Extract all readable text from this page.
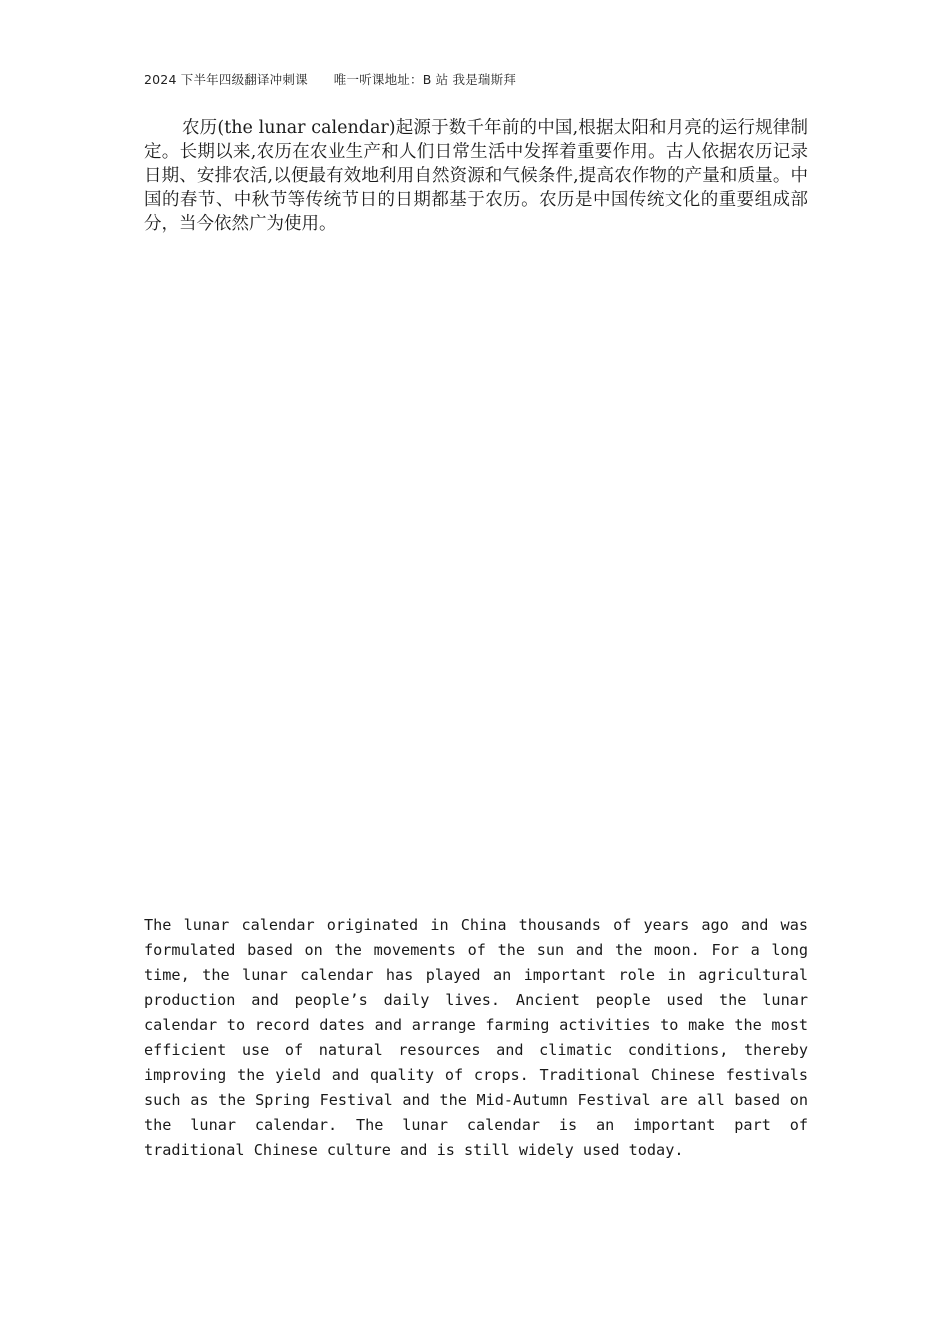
2024 下半年四级翻译冲刺课 唯一听课地址：B 站 我是瑞斯拜

农历(the lunar calendar)起源于数千年前的中国,根据太阳和月亮的运行规律制定。长期以来,农历在农业生产和人们日常生活中发挥着重要作用。古人依据农历记录日期、安排农活,以便最有效地利用自然资源和气候条件,提高农作物的产量和质量。中国的春节、中秋节等传统节日的日期都基于农历。农历是中国传统文化的重要组成部分，当今依然广为使用。

The lunar calendar originated in China thousands of years ago and was formulated based on the movements of the sun and the moon. For a long time, the lunar calendar has played an important role in agricultural production and people’s daily lives. Ancient people used the lunar calendar to record dates and arrange farming activities to make the most efficient use of natural resources and climatic conditions, thereby improving the yield and quality of crops. Traditional Chinese festivals such as the Spring Festival and the Mid-Autumn Festival are all based on the lunar calendar. The lunar calendar is an important part of traditional Chinese culture and is still widely used today.
